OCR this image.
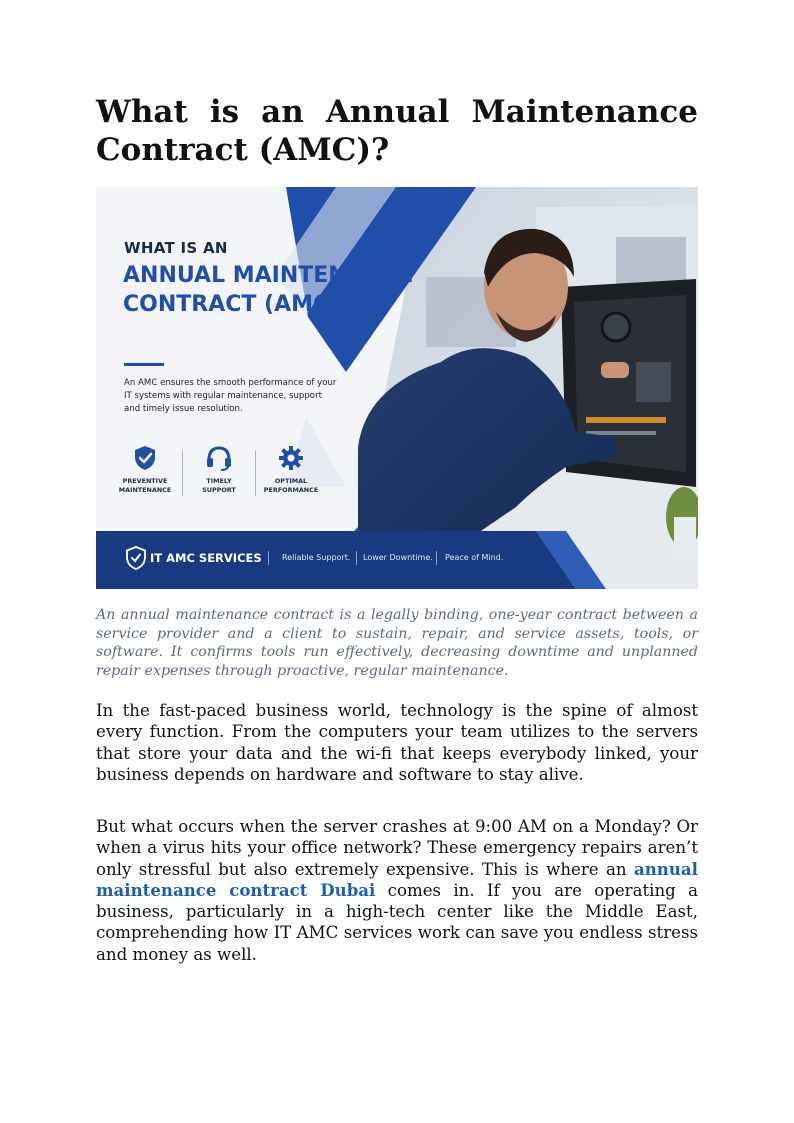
What is an Annual Maintenance Contract (AMC)?
WHAT IS AN
ANNUAL MAINTENANCE CONTRACT (AMC)?
An AMC ensures the smooth performance of your IT systems with regular maintenance, support and timely issue resolution.
PREVENTIVE
MAINTENANCE
TIMELY
SUPPORT
OPTIMAL
PERFORMANCE
IT AMC SERVICES	Reliable Support. Lower Downtime. Peace of Mind.

An annual maintenance contract is a legally binding, one-year contract between a service provider and a client to sustain, repair, and service assets, tools, or software. It confirms tools run effectively, decreasing downtime and unplanned repair expenses through proactive, regular maintenance.

In the fast-paced business world, technology is the spine of almost every function. From the computers your team utilizes to the servers that store your data and the wi-fi that keeps everybody linked, your business depends on hardware and software to stay alive.

But what occurs when the server crashes at 9:00 AM on a Monday? Or when a virus hits your office network? These emergency repairs aren’t only stressful but also extremely expensive. This is where an annual maintenance contract Dubai comes in. If you are operating a business, particularly in a high-tech center like the Middle East, comprehending how IT AMC services work can save you endless stress and money as well.
